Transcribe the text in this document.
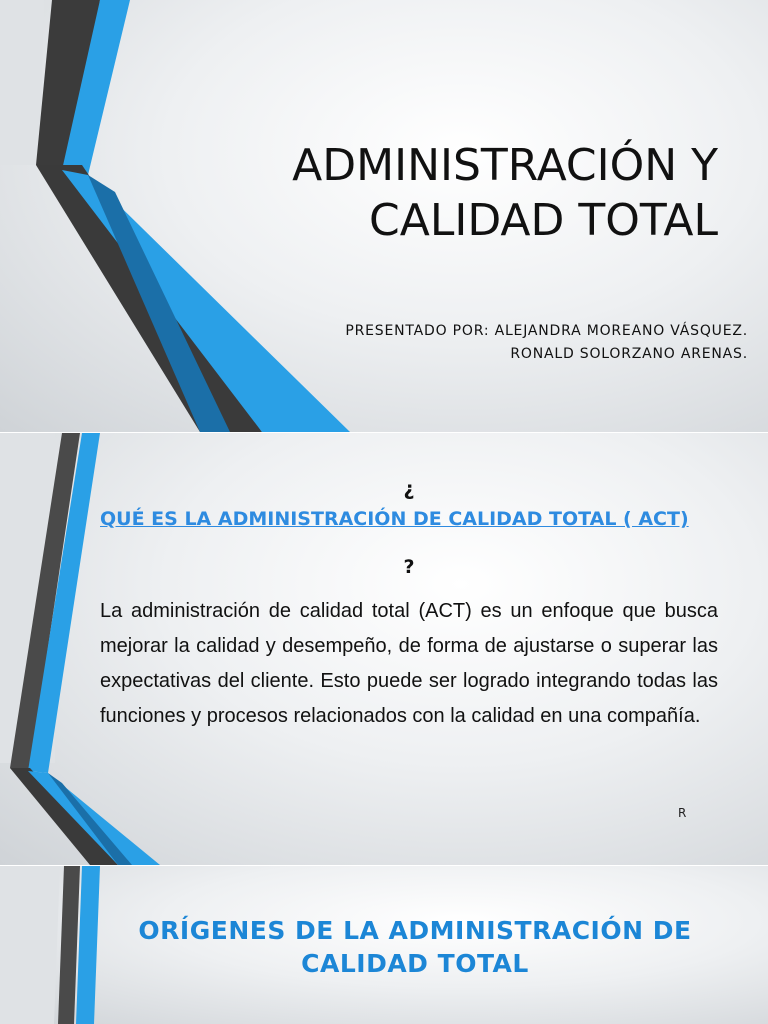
ADMINISTRACIÓN Y CALIDAD TOTAL
PRESENTADO POR: ALEJANDRA MOREANO VÁSQUEZ.
RONALD SOLORZANO ARENAS.
¿
QUÉ ES LA ADMINISTRACIÓN DE CALIDAD TOTAL ( ACT)
?

La administración de calidad total (ACT) es un enfoque que busca mejorar la calidad y desempeño, de forma de ajustarse o superar las expectativas del cliente. Esto puede ser logrado integrando todas las funciones y procesos relacionados con la calidad en una compañía.

R
ORÍGENES DE LA ADMINISTRACIÓN DE CALIDAD TOTAL
